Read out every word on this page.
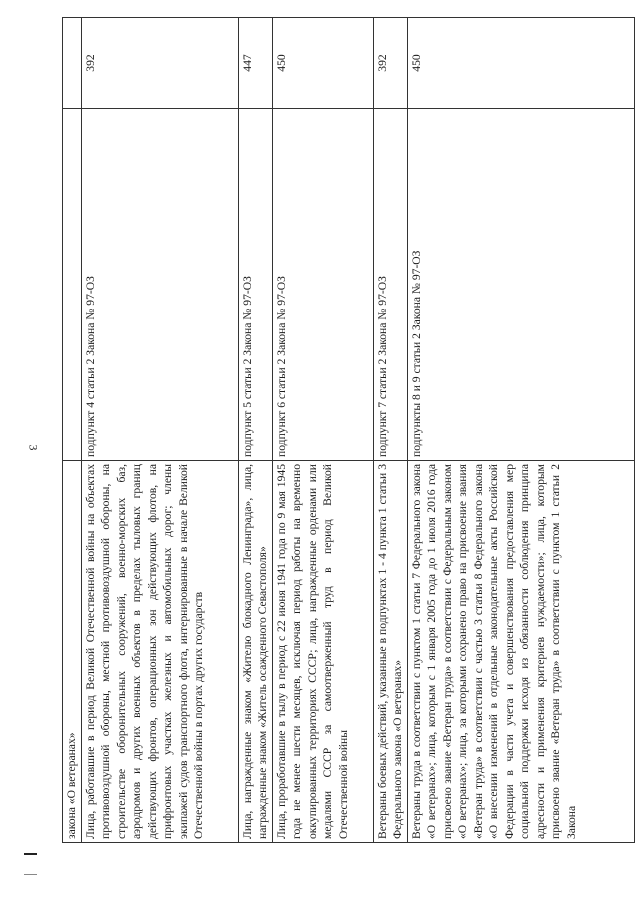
3
закона «О ветеранах»		
Лица, работавшие в период Великой Отечественной войны на объектах противовоздушной обороны, местной противовоздушной обороны, на строительстве оборонительных сооружений, военно-морских баз, аэродромов и других военных объектов в пределах тыловых границ действующих фронтов, операционных зон действующих флотов, на прифронтовых участках железных и автомобильных дорог; члены экипажей судов транспортного флота, интернированные в начале Великой Отечественной войны в портах других государств	подпункт 4 статьи 2 Закона № 97-ОЗ	392
Лица, награжденные знаком «Жителю блокадного Ленинграда», лица, награжденные знаком «Житель осажденного Севастополя»	подпункт 5 статьи 2 Закона № 97-ОЗ	447
Лица, проработавшие в тылу в период с 22 июня 1941 года по 9 мая 1945 года не менее шести месяцев, исключая период работы на временно оккупированных территориях СССР; лица, награжденные орденами или медалями СССР за самоотверженный труд в период Великой Отечественной войны	подпункт 6 статьи 2 Закона № 97-ОЗ	450
Ветераны боевых действий, указанные в подпунктах 1 - 4 пункта 1 статьи 3 Федерального закона «О ветеранах»	подпункт 7 статьи 2 Закона № 97-ОЗ	392
Ветераны труда в соответствии с пунктом 1 статьи 7 Федерального закона «О ветеранах»; лица, которым с 1 января 2005 года до 1 июля 2016 года присвоено звание «Ветеран труда» в соответствии с Федеральным законом «О ветеранах»; лица, за которыми сохранено право на присвоение звания «Ветеран труда» в соответствии с частью 3 статьи 8 Федерального закона «О внесении изменений в отдельные законодательные акты Российской Федерации в части учета и совершенствования предоставления мер социальной поддержки исходя из обязанности соблюдения принципа адресности и применения критериев нуждаемости»; лица, которым присвоено звание «Ветеран труда» в соответствии с пунктом 1 статьи 2 Закона	подпункты 8 и 9 статьи 2 Закона № 97-ОЗ	450
